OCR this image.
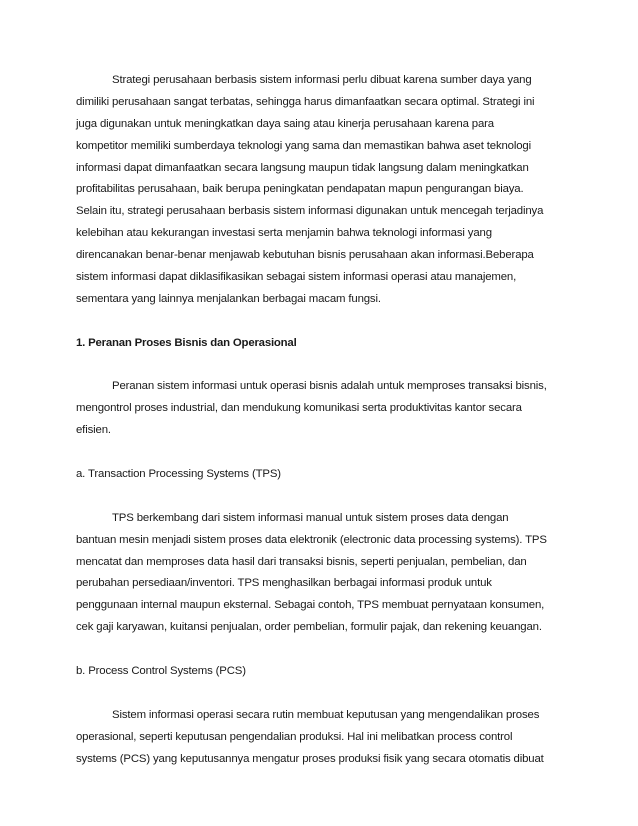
Strategi perusahaan berbasis sistem informasi perlu dibuat karena sumber daya yang
dimiliki perusahaan sangat terbatas, sehingga harus dimanfaatkan secara optimal. Strategi ini
juga digunakan untuk meningkatkan daya saing atau kinerja perusahaan karena para
kompetitor memiliki sumberdaya teknologi yang sama dan memastikan bahwa aset teknologi
informasi dapat dimanfaatkan secara langsung maupun tidak langsung dalam meningkatkan
profitabilitas perusahaan, baik berupa peningkatan pendapatan mapun pengurangan biaya.
Selain itu, strategi perusahaan berbasis sistem informasi digunakan untuk mencegah terjadinya
kelebihan atau kekurangan investasi serta menjamin bahwa teknologi informasi yang
direncanakan benar-benar menjawab kebutuhan bisnis perusahaan akan informasi.Beberapa
sistem informasi dapat diklasifikasikan sebagai sistem informasi operasi atau manajemen,
sementara yang lainnya menjalankan berbagai macam fungsi.
1. Peranan Proses Bisnis dan Operasional
Peranan sistem informasi untuk operasi bisnis adalah untuk memproses transaksi bisnis,
mengontrol proses industrial, dan mendukung komunikasi serta produktivitas kantor secara
efisien.
a. Transaction Processing Systems (TPS)
TPS berkembang dari sistem informasi manual untuk sistem proses data dengan
bantuan mesin menjadi sistem proses data elektronik (electronic data processing systems). TPS
mencatat dan memproses data hasil dari transaksi bisnis, seperti penjualan, pembelian, dan
perubahan persediaan/inventori. TPS menghasilkan berbagai informasi produk untuk
penggunaan internal maupun eksternal. Sebagai contoh, TPS membuat pernyataan konsumen,
cek gaji karyawan, kuitansi penjualan, order pembelian, formulir pajak, dan rekening keuangan.
b. Process Control Systems (PCS)
Sistem informasi operasi secara rutin membuat keputusan yang mengendalikan proses
operasional, seperti keputusan pengendalian produksi. Hal ini melibatkan process control
systems (PCS) yang keputusannya mengatur proses produksi fisik yang secara otomatis dibuat
